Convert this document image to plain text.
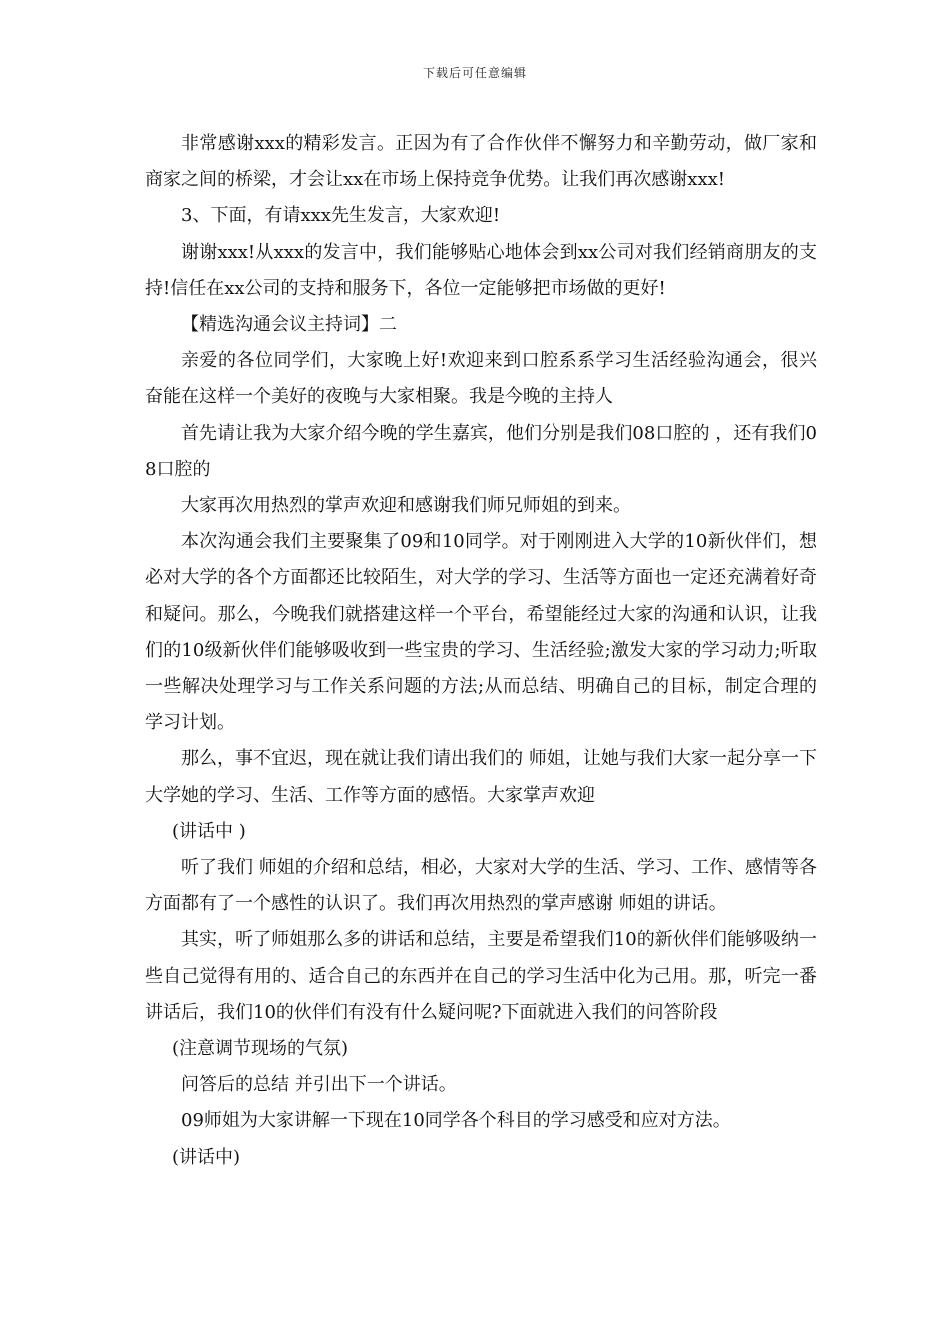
下载后可任意编辑

非常感谢xxx的精彩发言。正因为有了合作伙伴不懈努力和辛勤劳动，做厂家和商家之间的桥梁，才会让xx在市场上保持竞争优势。让我们再次感谢xxx!

3、下面，有请xxx先生发言，大家欢迎!

谢谢xxx!从xxx的发言中，我们能够贴心地体会到xx公司对我们经销商朋友的支持!信任在xx公司的支持和服务下，各位一定能够把市场做的更好!

【精选沟通会议主持词】二

亲爱的各位同学们，大家晚上好!欢迎来到口腔系系学习生活经验沟通会，很兴奋能在这样一个美好的夜晚与大家相聚。我是今晚的主持人

首先请让我为大家介绍今晚的学生嘉宾，他们分别是我们08口腔的 ，还有我们08口腔的

大家再次用热烈的掌声欢迎和感谢我们师兄师姐的到来。

本次沟通会我们主要聚集了09和10同学。对于刚刚进入大学的10新伙伴们，想必对大学的各个方面都还比较陌生，对大学的学习、生活等方面也一定还充满着好奇和疑问。那么，今晚我们就搭建这样一个平台，希望能经过大家的沟通和认识，让我们的10级新伙伴们能够吸收到一些宝贵的学习、生活经验;激发大家的学习动力;听取一些解决处理学习与工作关系问题的方法;从而总结、明确自己的目标，制定合理的学习计划。

那么，事不宜迟，现在就让我们请出我们的 师姐，让她与我们大家一起分享一下大学她的学习、生活、工作等方面的感悟。大家掌声欢迎

(讲话中 )

听了我们 师姐的介绍和总结，相必，大家对大学的生活、学习、工作、感情等各方面都有了一个感性的认识了。我们再次用热烈的掌声感谢 师姐的讲话。

其实，听了师姐那么多的讲话和总结，主要是希望我们10的新伙伴们能够吸纳一些自己觉得有用的、适合自己的东西并在自己的学习生活中化为己用。那，听完一番讲话后，我们10的伙伴们有没有什么疑问呢?下面就进入我们的问答阶段

(注意调节现场的气氛)

问答后的总结 并引出下一个讲话。

09师姐为大家讲解一下现在10同学各个科目的学习感受和应对方法。

(讲话中)
